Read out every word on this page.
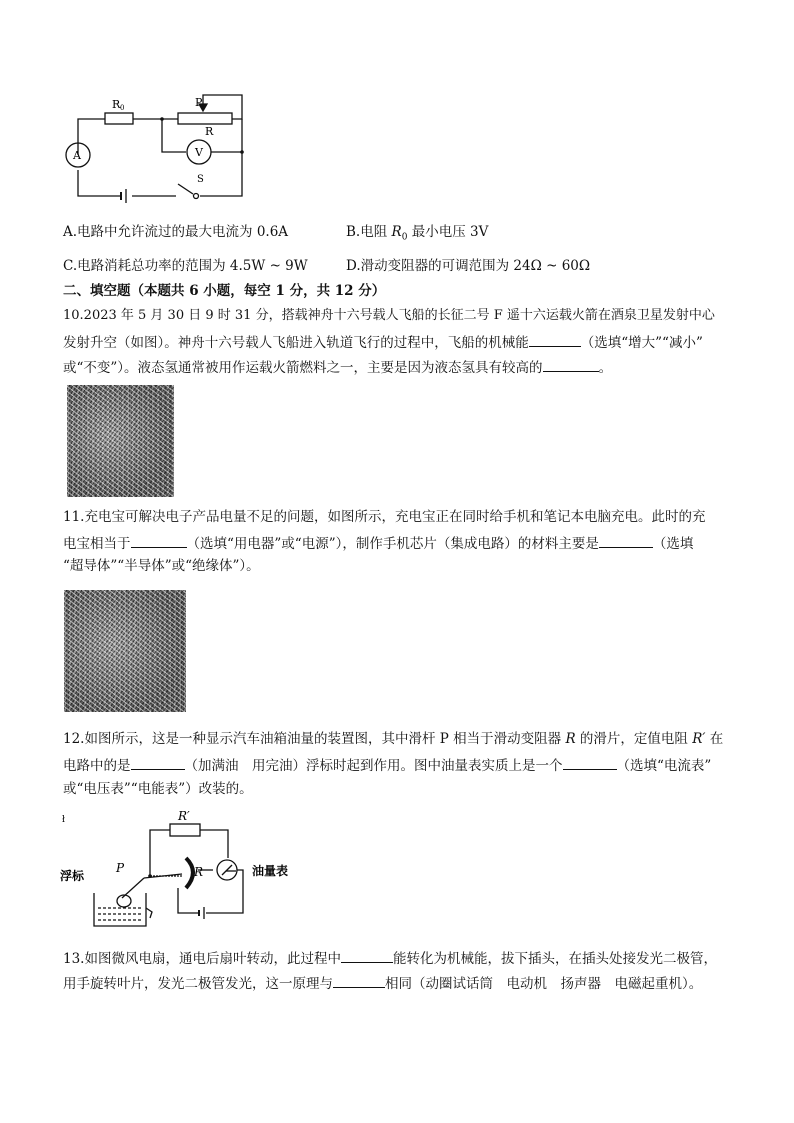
R 0	P
R
V
A
S
A.电路中允许流过的最大电流为 0.6A	B.电阻 $R_0$ 最小电压 3V
C.电路消耗总功率的范围为 4.5W ~ 9W	D.滑动变阻器的可调范围为 24Ω ~ 60Ω
二、填空题（本题共 6 小题，每空 1 分，共 12 分）
10.2023 年 5 月 30 日 9 时 31 分，搭载神舟十六号载人飞船的长征二号 F 遥十六运载火箭在酒泉卫星发射中心
发射升空（如图）。神舟十六号载人飞船进入轨道飞行的过程中，飞船的机械能	（选填“增大”“减小”
或“不变”）。液态氢通常被用作运载火箭燃料之一，主要是因为液态氢具有较高的	。
11.充电宝可解决电子产品电量不足的问题，如图所示，充电宝正在同时给手机和笔记本电脑充电。此时的充
电宝相当于	（选填“用电器”或“电源”），制作手机芯片（集成电路）的材料主要是	（选填
“超导体”“半导体”或“绝缘体”）。
12.如图所示，这是一种显示汽车油箱油量的装置图，其中滑杆 P 相当于滑动变阻器 R 的滑片，定值电阻 R′ 在
电路中的是	（加满油　用完油）浮标时起到作用。图中油量表实质上是一个	（选填“电流表”
或“电压表”“电能表”）改装的。
ł	R′
P	R
浮标	油量表
13.如图微风电扇，通电后扇叶转动，此过程中	能转化为机械能，拔下插头，在插头处接发光二极管，
用手旋转叶片，发光二极管发光，这一原理与	相同（动圈试话筒　电动机　扬声器　电磁起重机）。
